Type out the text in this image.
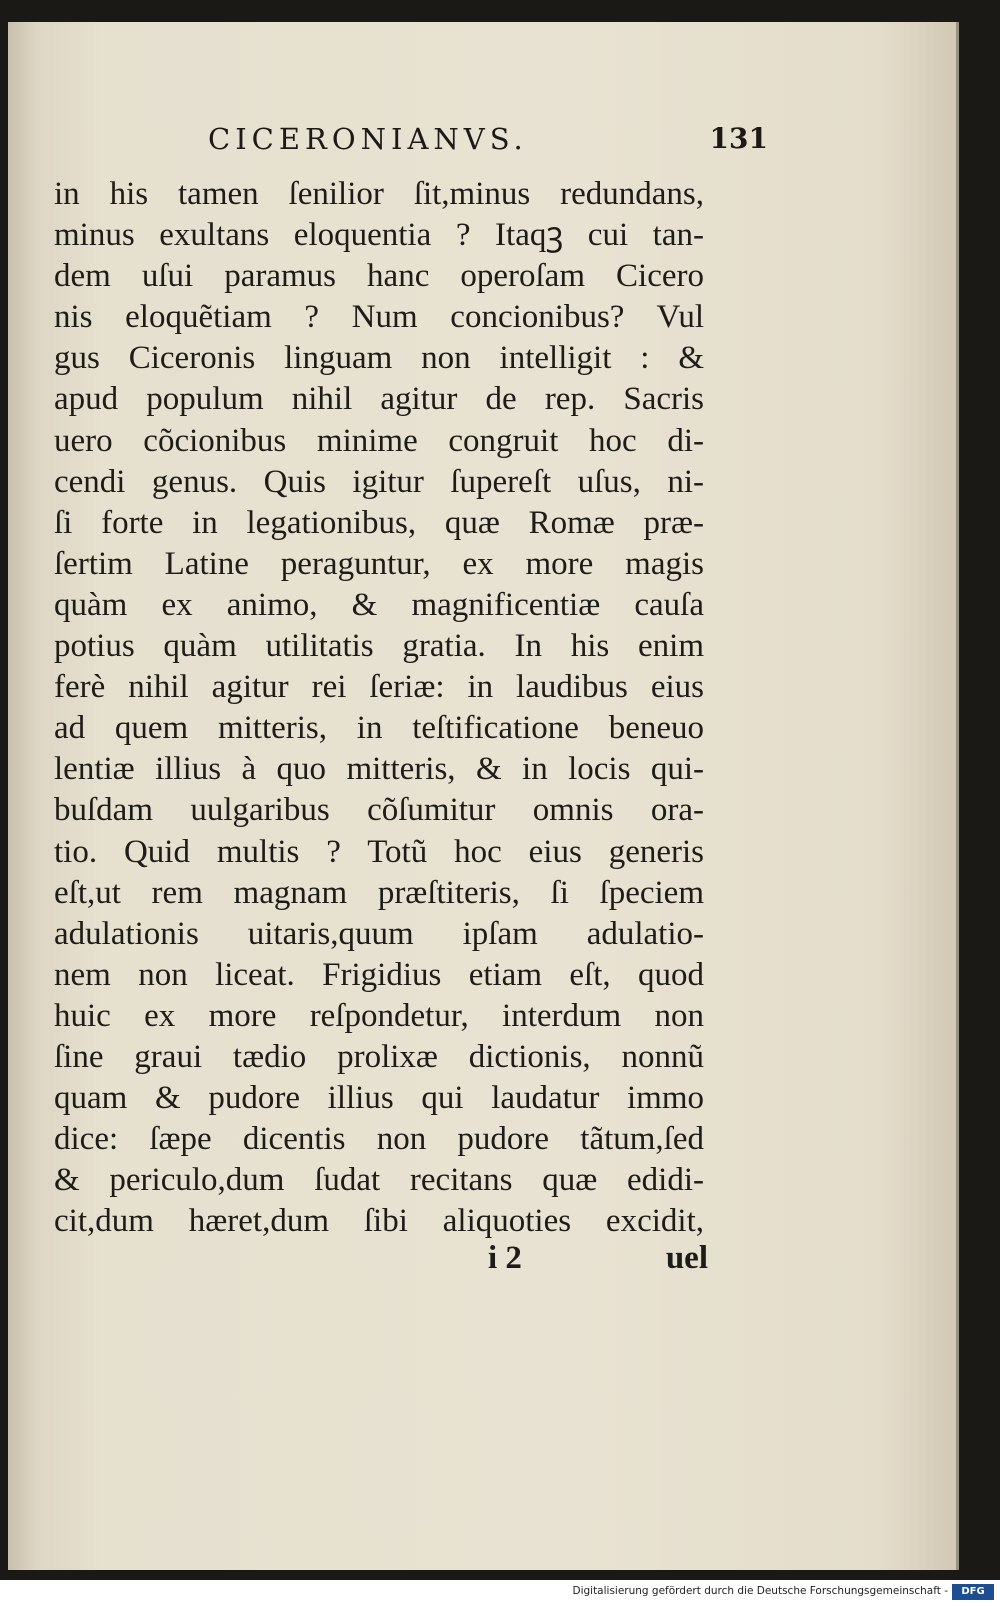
CICERONIANVS.	131
in his tamen ſenilior ſit,minus redundans,
minus exultans eloquentia ? Itaqꝫ cui tan-
dem uſui paramus hanc operoſam Cicero
nis eloquẽtiam ? Num concionibus? Vul
gus Ciceronis linguam non intelligit : &
apud populum nihil agitur de rep. Sacris
uero cõcionibus minime congruit hoc di-
cendi genus. Quis igitur ſupereſt uſus, ni-
ſi forte in legationibus, quæ Romæ præ-
ſertim Latine peraguntur, ex more magis
quàm ex animo, & magnificentiæ cauſa
potius quàm utilitatis gratia. In his enim
ferè nihil agitur rei ſeriæ: in laudibus eius
ad quem mitteris, in teſtificatione beneuo
lentiæ illius à quo mitteris, & in locis qui-
buſdam uulgaribus cõſumitur omnis ora-
tio. Quid multis ? Totũ hoc eius generis
eſt,ut rem magnam præſtiteris, ſi ſpeciem
adulationis uitaris,quum ipſam adulatio-
nem non liceat. Frigidius etiam eſt, quod
huic ex more reſpondetur, interdum non
ſine graui tædio prolixæ dictionis, nonnũ
quam & pudore illius qui laudatur immo
dice: ſæpe dicentis non pudore tãtum,ſed
& periculo,dum ſudat recitans quæ edidi-
cit,dum hæret,dum ſibi aliquoties excidit,
i 2	uel
Digitalisierung gefördert durch die Deutsche Forschungsgemeinschaft -	DFG
